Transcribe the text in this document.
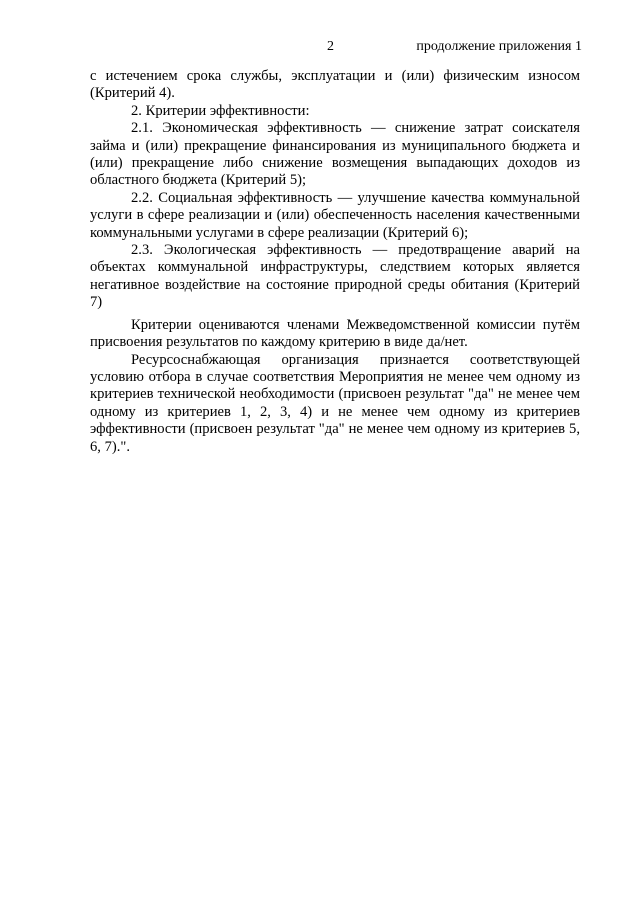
2	продолжение приложения 1

с истечением срока службы, эксплуатации и (или) физическим износом (Критерий 4).

2. Критерии эффективности:

2.1. Экономическая эффективность — снижение затрат соискателя займа и (или) прекращение финансирования из муниципального бюджета и (или) прекращение либо снижение возмещения выпадающих доходов из областного бюджета (Критерий 5);

2.2. Социальная эффективность — улучшение качества коммунальной услуги в сфере реализации и (или) обеспеченность населения качественными коммунальными услугами в сфере реализации (Критерий 6);

2.3. Экологическая эффективность — предотвращение аварий на объектах коммунальной инфраструктуры, следствием которых является негативное воздействие на состояние природной среды обитания (Критерий 7)

Критерии оцениваются членами Межведомственной комиссии путём присвоения результатов по каждому критерию в виде да/нет.

Ресурсоснабжающая организация признается соответствующей условию отбора в случае соответствия Мероприятия не менее чем одному из критериев технической необходимости (присвоен результат "да" не менее чем одному из критериев 1, 2, 3, 4) и не менее чем одному из критериев эффективности (присвоен результат "да" не менее чем одному из критериев 5, 6, 7).".
